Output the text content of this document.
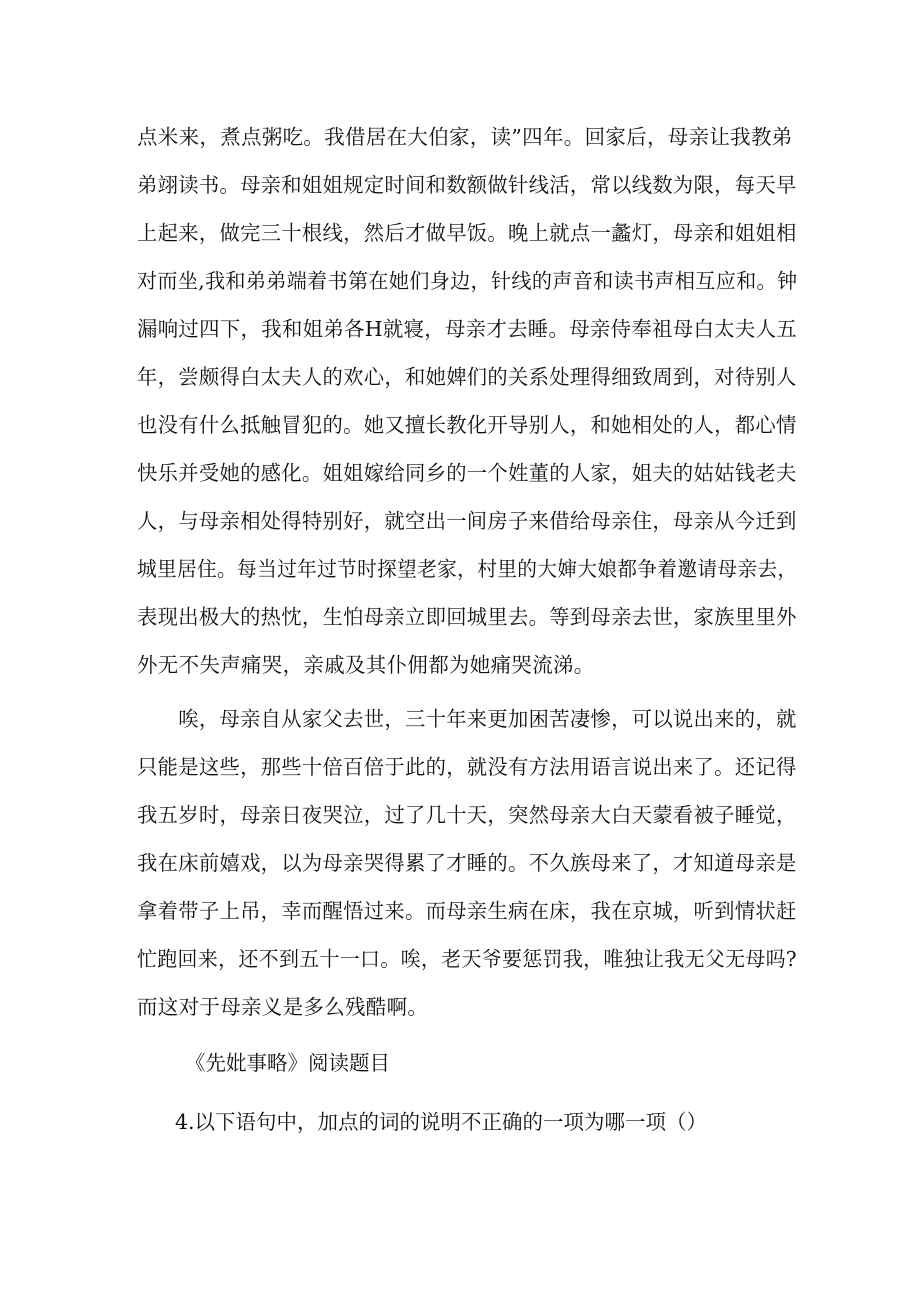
点米来，煮点粥吃。我借居在大伯家，读”四年。回家后，母亲让我教弟
弟翊读书。母亲和姐姐规定时间和数额做针线活，常以线数为限，每天早
上起来，做完三十根线，然后才做早饭。晚上就点一蠡灯，母亲和姐姐相
对而坐,我和弟弟端着书第在她们身边，针线的声音和读书声相互应和。钟
漏响过四下，我和姐弟各H就寝，母亲才去睡。母亲侍奉祖母白太夫人五
年，尝颇得白太夫人的欢心，和她婢们的关系处理得细致周到，对待别人
也没有什么抵触冒犯的。她又擅长教化开导别人，和她相处的人，都心情
快乐并受她的感化。姐姐嫁给同乡的一个姓董的人家，姐夫的姑姑钱老夫
人，与母亲相处得特别好，就空出一间房子来借给母亲住，母亲从今迁到
城里居住。每当过年过节时探望老家，村里的大婶大娘都争着邀请母亲去，
表现出极大的热忱，生怕母亲立即回城里去。等到母亲去世，家族里里外
外无不失声痛哭，亲戚及其仆佣都为她痛哭流涕。
　　唉，母亲自从家父去世，三十年来更加困苦凄惨，可以说出来的，就
只能是这些，那些十倍百倍于此的，就没有方法用语言说出来了。还记得
我五岁时，母亲日夜哭泣，过了几十天，突然母亲大白天蒙看被子睡觉，
我在床前嬉戏，以为母亲哭得累了才睡的。不久族母来了，才知道母亲是
拿着带子上吊，幸而醒悟过来。而母亲生病在床，我在京城，听到情状赶
忙跑回来，还不到五十一口。唉，老天爷要惩罚我，唯独让我无父无母吗?
而这对于母亲义是多么残酷啊。
《先妣事略》阅读题目
4.以下语句中，加点的词的说明不正确的一项为哪一项（）
